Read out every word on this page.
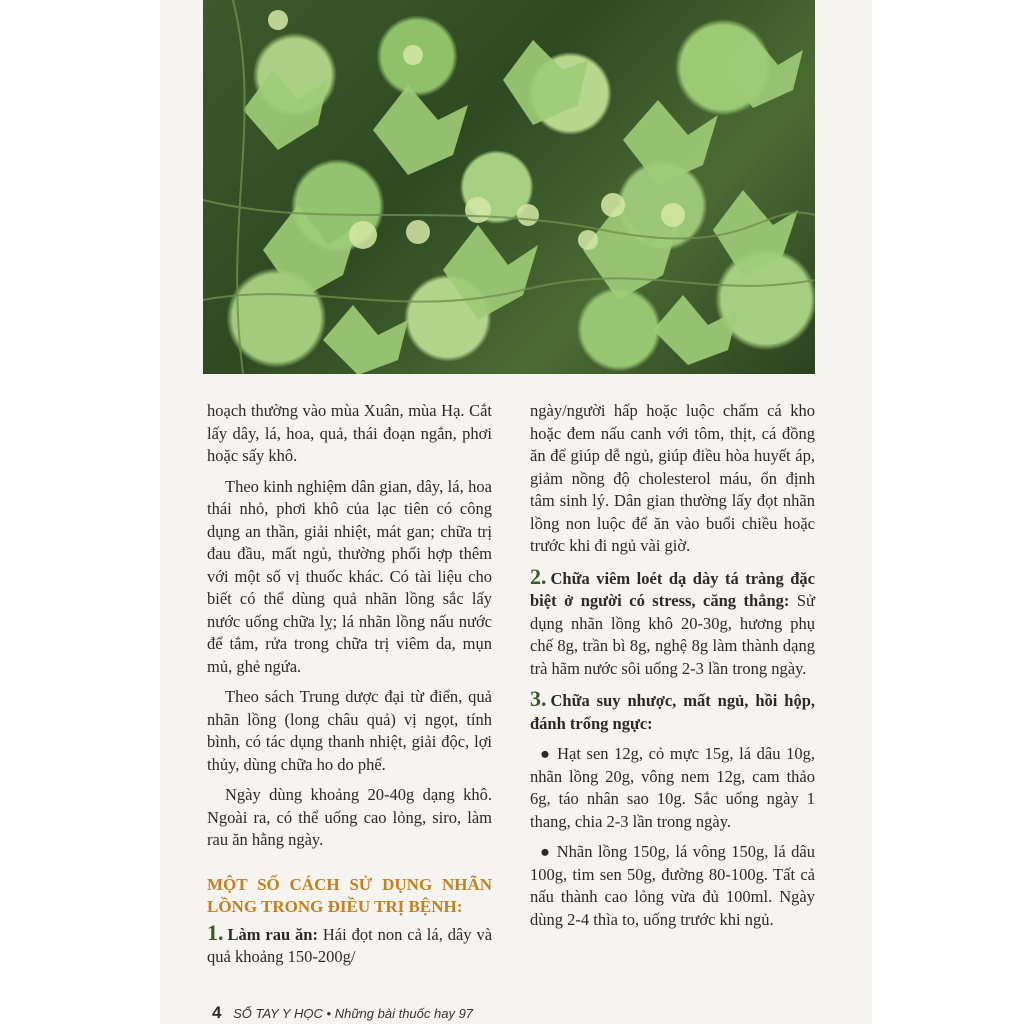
hoạch thường vào mùa Xuân, mùa Hạ. Cắt lấy dây, lá, hoa, quả, thái đoạn ngắn, phơi hoặc sấy khô.

Theo kinh nghiệm dân gian, dây, lá, hoa thái nhỏ, phơi khô của lạc tiên có công dụng an thần, giải nhiệt, mát gan; chữa trị đau đầu, mất ngủ, thường phối hợp thêm với một số vị thuốc khác. Có tài liệu cho biết có thể dùng quả nhãn lồng sắc lấy nước uống chữa lỵ; lá nhãn lồng nấu nước để tắm, rửa trong chữa trị viêm da, mụn mủ, ghẻ ngứa.

Theo sách Trung dược đại từ điển, quả nhãn lồng (long châu quả) vị ngọt, tính bình, có tác dụng thanh nhiệt, giải độc, lợi thủy, dùng chữa ho do phế.

Ngày dùng khoảng 20-40g dạng khô. Ngoài ra, có thể uống cao lỏng, siro, làm rau ăn hằng ngày.

MỘT SỐ CÁCH SỬ DỤNG NHÃN LỒNG TRONG ĐIỀU TRỊ BỆNH:

1. Làm rau ăn: Hái đọt non cả lá, dây và quả khoảng 150-200g/

ngày/người hấp hoặc luộc chấm cá kho hoặc đem nấu canh với tôm, thịt, cá đồng ăn để giúp dễ ngủ, giúp điều hòa huyết áp, giảm nồng độ cholesterol máu, ổn định tâm sinh lý. Dân gian thường lấy đọt nhãn lồng non luộc để ăn vào buổi chiều hoặc trước khi đi ngủ vài giờ.

2. Chữa viêm loét dạ dày tá tràng đặc biệt ở người có stress, căng thẳng: Sử dụng nhãn lồng khô 20-30g, hương phụ chế 8g, trần bì 8g, nghệ 8g làm thành dạng trà hãm nước sôi uống 2-3 lần trong ngày.

3. Chữa suy nhược, mất ngủ, hồi hộp, đánh trống ngực:

● Hạt sen 12g, cỏ mực 15g, lá dâu 10g, nhãn lồng 20g, vông nem 12g, cam thảo 6g, táo nhân sao 10g. Sắc uống ngày 1 thang, chia 2-3 lần trong ngày.

● Nhãn lồng 150g, lá vông 150g, lá dâu 100g, tim sen 50g, đường 80-100g. Tất cả nấu thành cao lỏng vừa đủ 100ml. Ngày dùng 2-4 thìa to, uống trước khi ngủ.

4 SỔ TAY Y HỌC • Những bài thuốc hay 97
